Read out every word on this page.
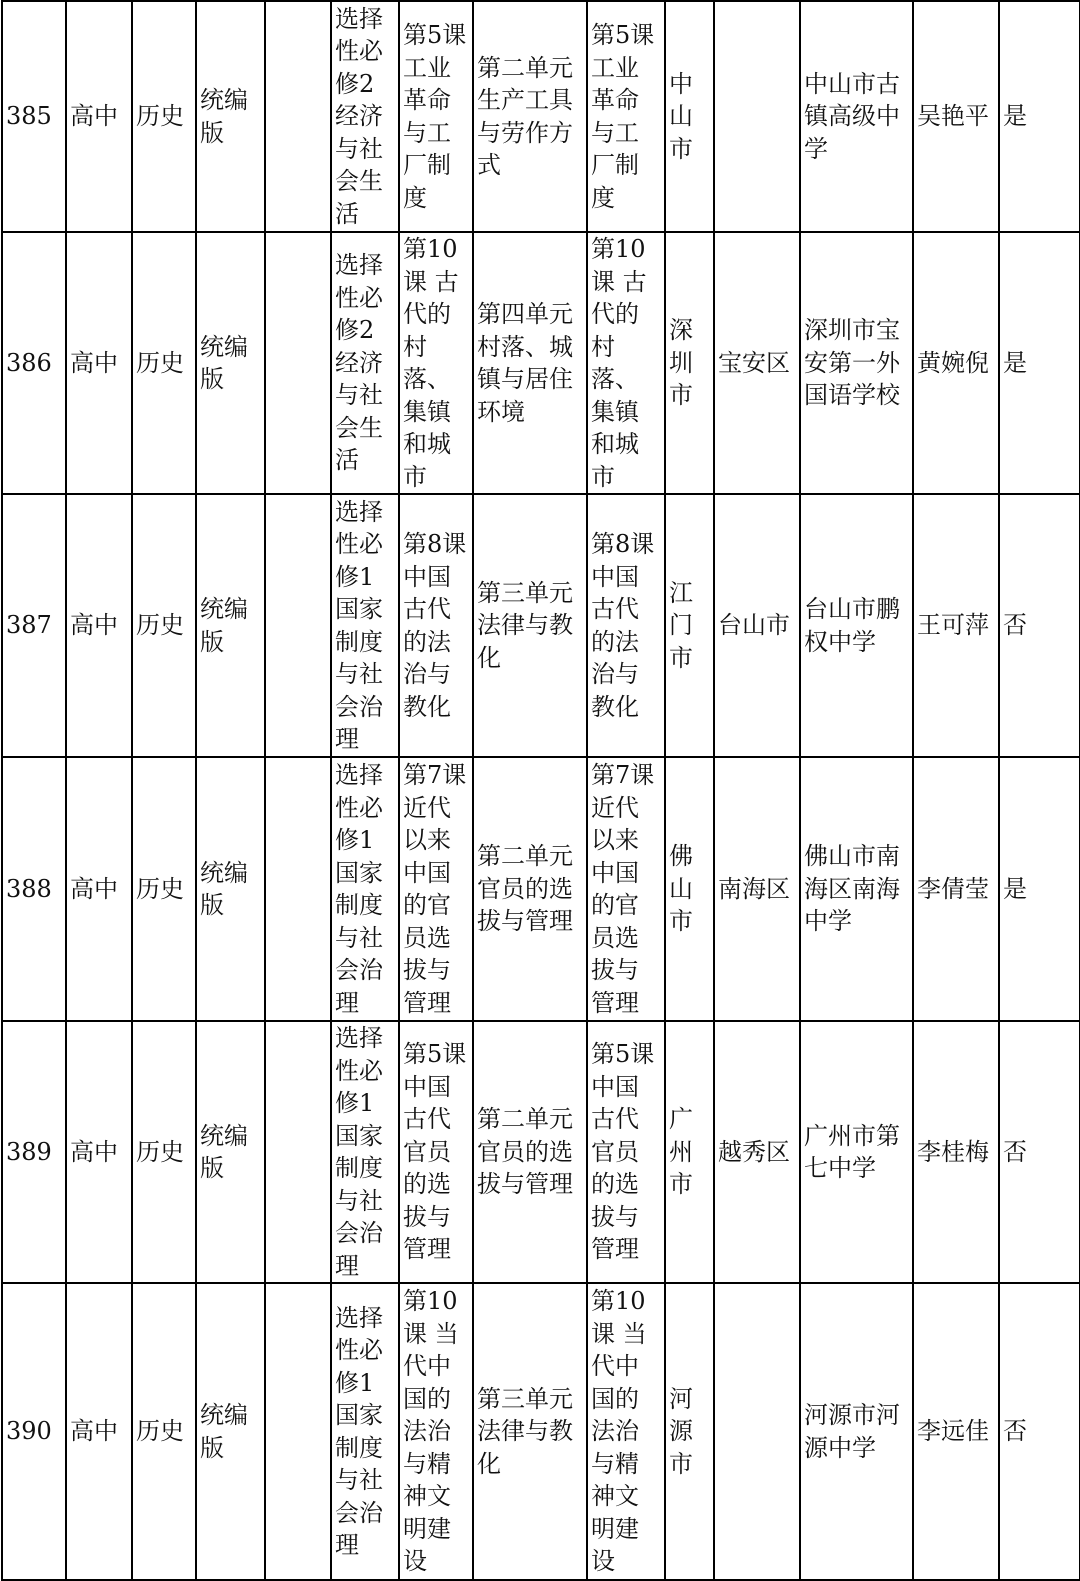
385	高中	历史	统编版		选择性必修2经济与社会生活	第5课工业革命与工厂制度	第二单元生产工具与劳作方式	第5课工业革命与工厂制度	中山市		中山市古镇高级中学	吴艳平	是
386	高中	历史	统编版		选择性必修2经济与社会生活	第10课 古代的村落、集镇和城市	第四单元村落、城镇与居住环境	第10课 古代的村落、集镇和城市	深圳市	宝安区	深圳市宝安第一外国语学校	黄婉倪	是
387	高中	历史	统编版		选择性必修1国家制度与社会治理	第8课中国古代的法治与教化	第三单元法律与教化	第8课中国古代的法治与教化	江门市	台山市	台山市鹏权中学	王可萍	否
388	高中	历史	统编版		选择性必修1国家制度与社会治理	第7课近代以来中国的官员选拔与管理	第二单元官员的选拔与管理	第7课近代以来中国的官员选拔与管理	佛山市	南海区	佛山市南海区南海中学	李倩莹	是
389	高中	历史	统编版		选择性必修1国家制度与社会治理	第5课中国古代官员的选拔与管理	第二单元官员的选拔与管理	第5课中国古代官员的选拔与管理	广州市	越秀区	广州市第七中学	李桂梅	否
390	高中	历史	统编版		选择性必修1国家制度与社会治理	第10课 当代中国的法治与精神文明建设	第三单元法律与教化	第10课 当代中国的法治与精神文明建设	河源市		河源市河源中学	李远佳	否
